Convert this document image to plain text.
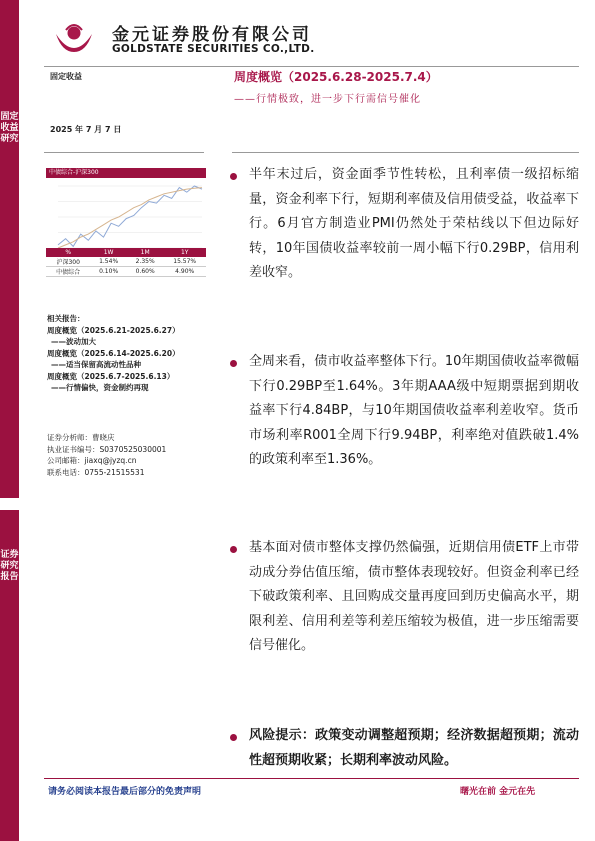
固定收益研究
证券研究报告
金元证券股份有限公司
GOLDSTATE SECURITIES CO.,LTD.
固定收益
2025 年 7 月 7 日
周度概览（2025.6.28-2025.7.4）
——行情极致，进一步下行需信号催化
中债综合-沪深300
%	1W	1M	1Y
沪深300	1.54%	2.35%	15.57%
中债综合	0.10%	0.60%	4.90%
相关报告：
周度概览（2025.6.21-2025.6.27）
——波动加大
周度概览（2025.6.14-2025.6.20）
——适当保留高流动性品种
周度概览（2025.6.7-2025.6.13）
——行情偏快，资金制约再现
证券分析师：曹晓庆
执业证书编号：S0370525030001
公司邮箱：jiaxq@jyzq.cn
联系电话：0755-21515531
半年末过后，资金面季节性转松，且利率债一级招标缩量，资金利率下行，短期利率债及信用债受益，收益率下行。6月官方制造业PMI仍然处于荣枯线以下但边际好转，10年国债收益率较前一周小幅下行0.29BP，信用利差收窄。
全周来看，债市收益率整体下行。10年期国债收益率微幅下行0.29BP至1.64%。3年期AAA级中短期票据到期收益率下行4.84BP，与10年期国债收益率利差收窄。货币市场利率R001全周下行9.94BP，利率绝对值跌破1.4%的政策利率至1.36%。
基本面对债市整体支撑仍然偏强，近期信用债ETF上市带动成分券估值压缩，债市整体表现较好。但资金利率已经下破政策利率、且回购成交量再度回到历史偏高水平，期限利差、信用利差等利差压缩较为极值，进一步压缩需要信号催化。
风险提示：政策变动调整超预期；经济数据超预期；流动性超预期收紧；长期利率波动风险。
请务必阅读本报告最后部分的免责声明	曙光在前 金元在先
